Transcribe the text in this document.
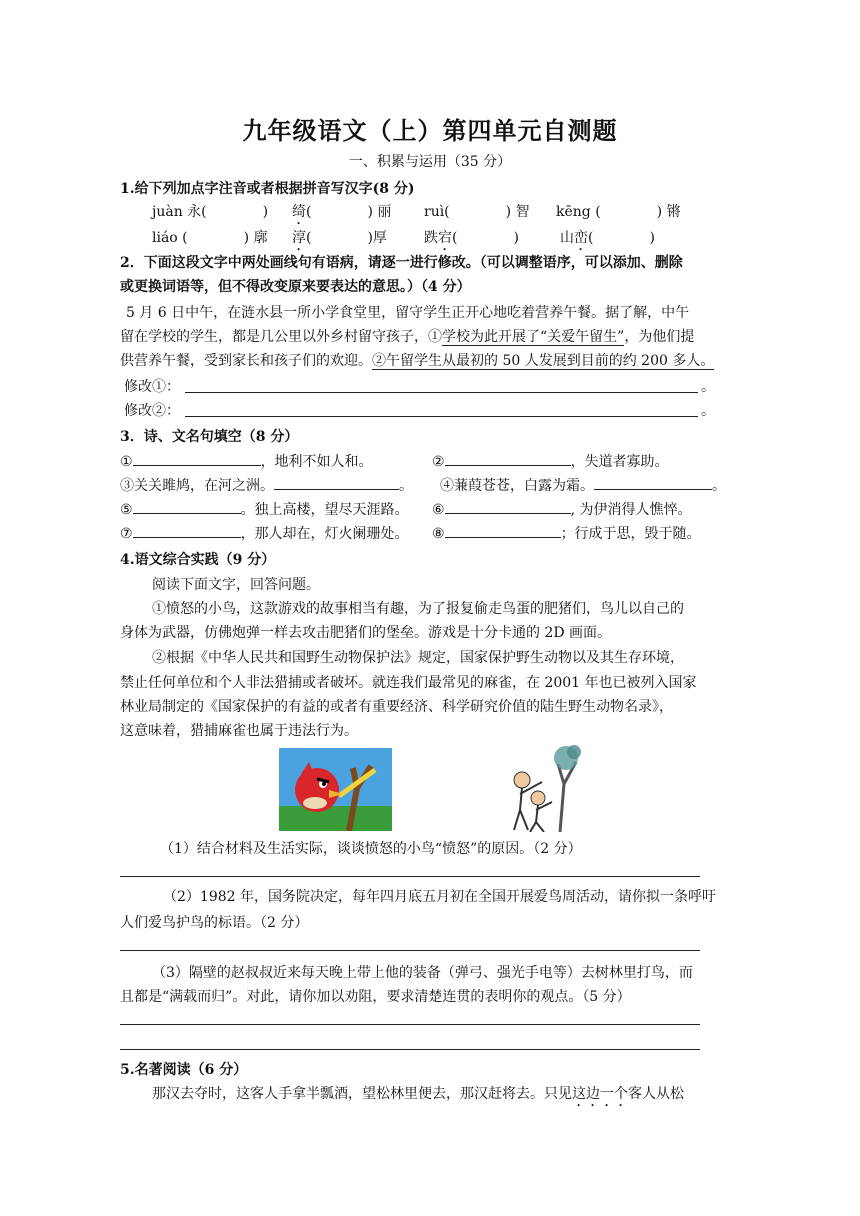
九年级语文（上）第四单元自测题
一、积累与运用（35 分）
1.给下列加点字注音或者根据拼音写汉字(8 分)
juàn 永(	) 绮(	) 丽 ruì(	) 智 kēng (	) 锵
liáo (	) 廓 淳(	)厚	跌宕(	)	山峦(	)
2．下面这段文字中两处画线句有语病，请逐一进行修改。（可以调整语序，可以添加、删除
或更换词语等，但不得改变原来要表达的意思。）（4 分）
5 月 6 日中午，在涟水县一所小学食堂里，留守学生正开心地吃着营养午餐。据了解，中午
留在学校的学生，都是几公里以外乡村留守孩子，①学校为此开展了“关爱午留生”，为他们提
供营养午餐，受到家长和孩子们的欢迎。②午留学生从最初的 50 人发展到目前的约 200 多人。
修改①：	。
修改②：	。
3．诗、文名句填空（8 分）
①	，地利不如人和。	②	，失道者寡助。
③关关雎鸠，在河之洲。	。 ④蒹葭苍苍，白露为霜。	。
⑤	。独上高楼，望尽天涯路。 ⑥	, 为伊消得人憔悴。
⑦	，那人却在，灯火阑珊处。 ⑧	；行成于思，毁于随。
4.语文综合实践（9 分）
阅读下面文字，回答问题。
①愤怒的小鸟，这款游戏的故事相当有趣，为了报复偷走鸟蛋的肥猪们，鸟儿以自己的
身体为武器，仿佛炮弹一样去攻击肥猪们的堡垒。游戏是十分卡通的 2D 画面。
②根据《中华人民共和国野生动物保护法》规定，国家保护野生动物以及其生存环境，
禁止任何单位和个人非法猎捕或者破坏。就连我们最常见的麻雀，在 2001 年也已被列入国家
林业局制定的《国家保护的有益的或者有重要经济、科学研究价值的陆生野生动物名录》，
这意味着，猎捕麻雀也属于违法行为。
（1）结合材料及生活实际，谈谈愤怒的小鸟“愤怒”的原因。（2 分）
（2）1982 年，国务院决定，每年四月底五月初在全国开展爱鸟周活动，请你拟一条呼吁
人们爱鸟护鸟的标语。（2 分）
（3）隔壁的赵叔叔近来每天晚上带上他的装备（弹弓、强光手电等）去树林里打鸟，而
且都是“满载而归”。对此，请你加以劝阻，要求清楚连贯的表明你的观点。（5 分）
5.名著阅读（6 分）
那汉去夺时，这客人手拿半瓢酒，望松林里便去，那汉赶将去。只见这边一个客人从松
